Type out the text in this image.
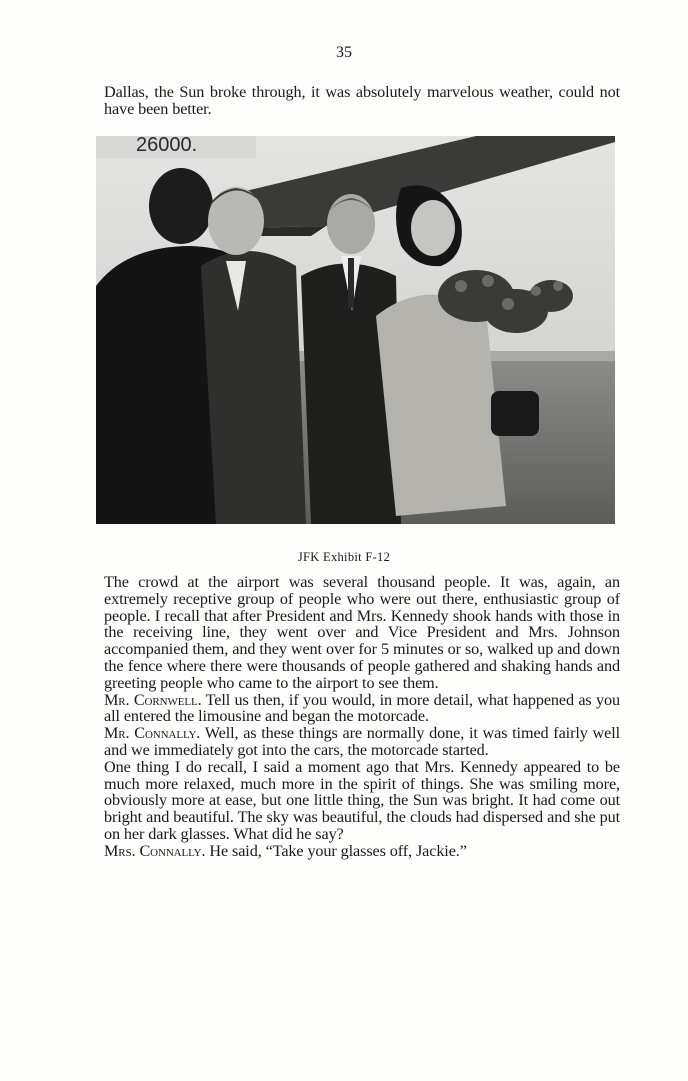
35

Dallas, the Sun broke through, it was absolutely marvelous weather, could not have been better.

26000.
JFK Exhibit F-12

The crowd at the airport was several thousand people. It was, again, an extremely receptive group of people who were out there, enthusiastic group of people. I recall that after President and Mrs. Kennedy shook hands with those in the receiving line, they went over and Vice President and Mrs. Johnson accompanied them, and they went over for 5 minutes or so, walked up and down the fence where there were thousands of people gathered and shaking hands and greeting people who came to the airport to see them.

Mr. Cornwell. Tell us then, if you would, in more detail, what happened as you all entered the limousine and began the motorcade.

Mr. Connally. Well, as these things are normally done, it was timed fairly well and we immediately got into the cars, the motorcade started.

One thing I do recall, I said a moment ago that Mrs. Kennedy appeared to be much more relaxed, much more in the spirit of things. She was smiling more, obviously more at ease, but one little thing, the Sun was bright. It had come out bright and beautiful. The sky was beautiful, the clouds had dispersed and she put on her dark glasses. What did he say?

Mrs. Connally. He said, “Take your glasses off, Jackie.”
